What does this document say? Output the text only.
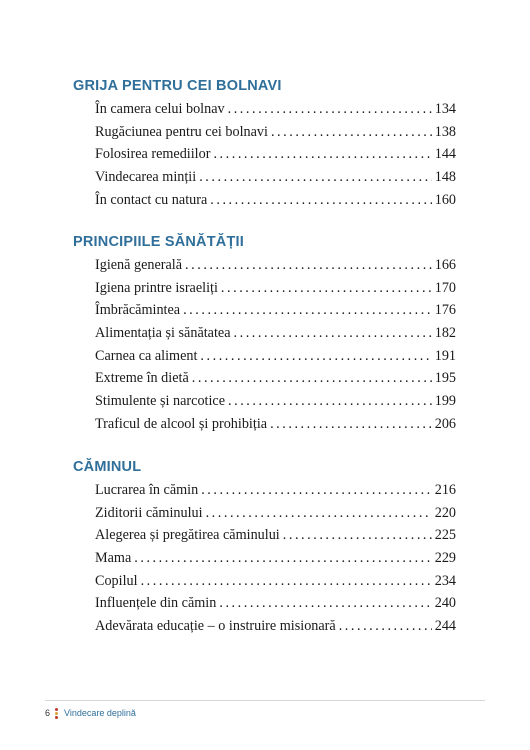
GRIJA PENTRU CEI BOLNAVI
În camera celui bolnav . . .	134
Rugăciunea pentru cei bolnavi . . .	138
Folosirea remediilor . . .	144
Vindecarea minții . . .	148
În contact cu natura . . .	160
PRINCIPIILE SĂNĂTĂȚII
Igienă generală . . .	166
Igiena printre israeliți . . .	170
Îmbrăcămintea . . .	176
Alimentația și sănătatea . . .	182
Carnea ca aliment . . .	191
Extreme în dietă . . .	195
Stimulente și narcotice . . .	199
Traficul de alcool și prohibiția . . .	206
CĂMINUL
Lucrarea în cămin . . .	216
Ziditorii căminului . . .	220
Alegerea și pregătirea căminului . . .	225
Mama . . .	229
Copilul . . .	234
Influențele din cămin . . .	240
Adevărata educație – o instruire misionară . . .	244
6 Vindecare deplină
